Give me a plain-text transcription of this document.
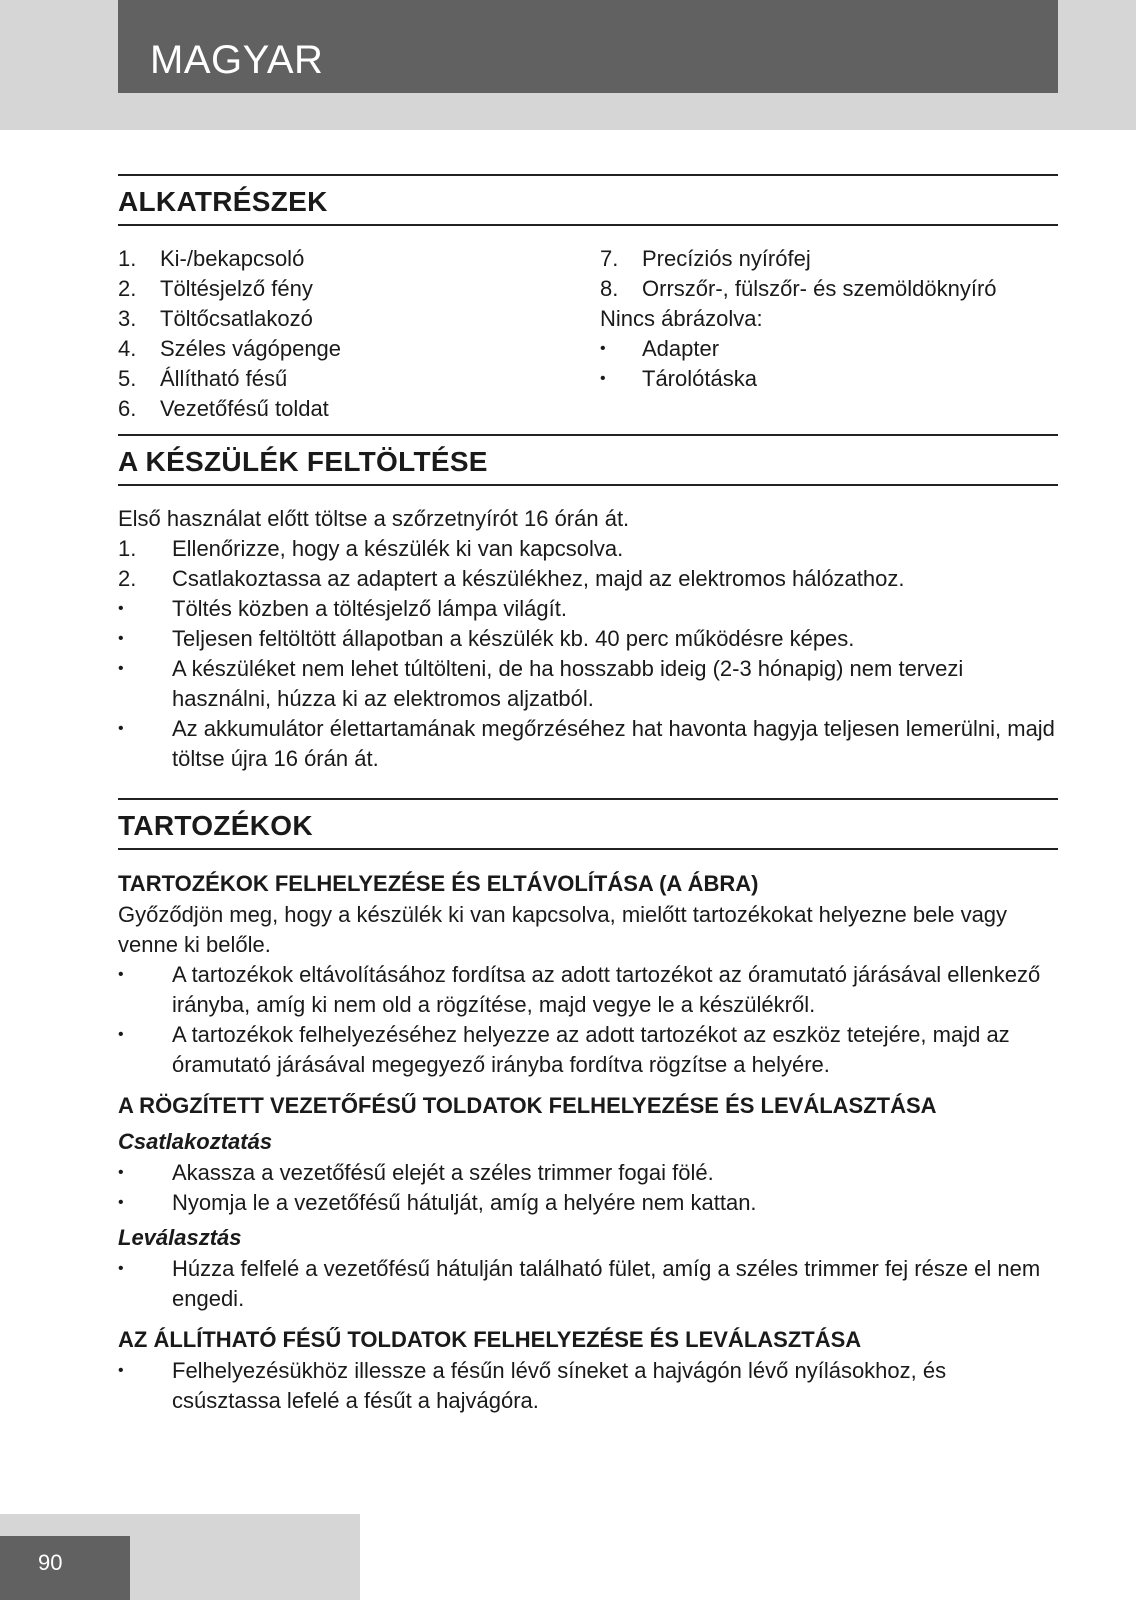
MAGYAR
ALKATRÉSZEK
1.	Ki-/bekapcsoló
2.	Töltésjelző fény
3.	Töltőcsatlakozó
4.	Széles vágópenge
5.	Állítható fésű
6.	Vezetőfésű toldat
7.	Precíziós nyírófej
8.	Orrszőr-, fülszőr- és szemöldöknyíró
Nincs ábrázolva:
•	Adapter
•	Tárolótáska
A KÉSZÜLÉK FELTÖLTÉSE

Első használat előtt töltse a szőrzetnyírót 16 órán át.

1.	Ellenőrizze, hogy a készülék ki van kapcsolva.
2.	Csatlakoztassa az adaptert a készülékhez, majd az elektromos hálózathoz.
•	Töltés közben a töltésjelző lámpa világít.
•	Teljesen feltöltött állapotban a készülék kb. 40 perc működésre képes.
•	A készüléket nem lehet túltölteni, de ha hosszabb ideig (2-3 hónapig) nem tervezi használni, húzza ki az elektromos aljzatból.
•	Az akkumulátor élettartamának megőrzéséhez hat havonta hagyja teljesen lemerülni, majd töltse újra 16 órán át.
TARTOZÉKOK
TARTOZÉKOK FELHELYEZÉSE ÉS ELTÁVOLÍTÁSA (A ÁBRA)

Győződjön meg, hogy a készülék ki van kapcsolva, mielőtt tartozékokat helyezne bele vagy venne ki belőle.

•	A tartozékok eltávolításához fordítsa az adott tartozékot az óramutató járásával ellenkező irányba, amíg ki nem old a rögzítése, majd vegye le a készülékről.
•	A tartozékok felhelyezéséhez helyezze az adott tartozékot az eszköz tetejére, majd az óramutató járásával megegyező irányba fordítva rögzítse a helyére.
A RÖGZÍTETT VEZETŐFÉSŰ TOLDATOK FELHELYEZÉSE ÉS LEVÁLASZTÁSA
Csatlakoztatás
•	Akassza a vezetőfésű elejét a széles trimmer fogai fölé.
•	Nyomja le a vezetőfésű hátulját, amíg a helyére nem kattan.
Leválasztás
•	Húzza felfelé a vezetőfésű hátulján található fület, amíg a széles trimmer fej része el nem engedi.
AZ ÁLLÍTHATÓ FÉSŰ TOLDATOK FELHELYEZÉSE ÉS LEVÁLASZTÁSA
•	Felhelyezésükhöz illessze a fésűn lévő síneket a hajvágón lévő nyílásokhoz, és csúsztassa lefelé a fésűt a hajvágóra.
90
